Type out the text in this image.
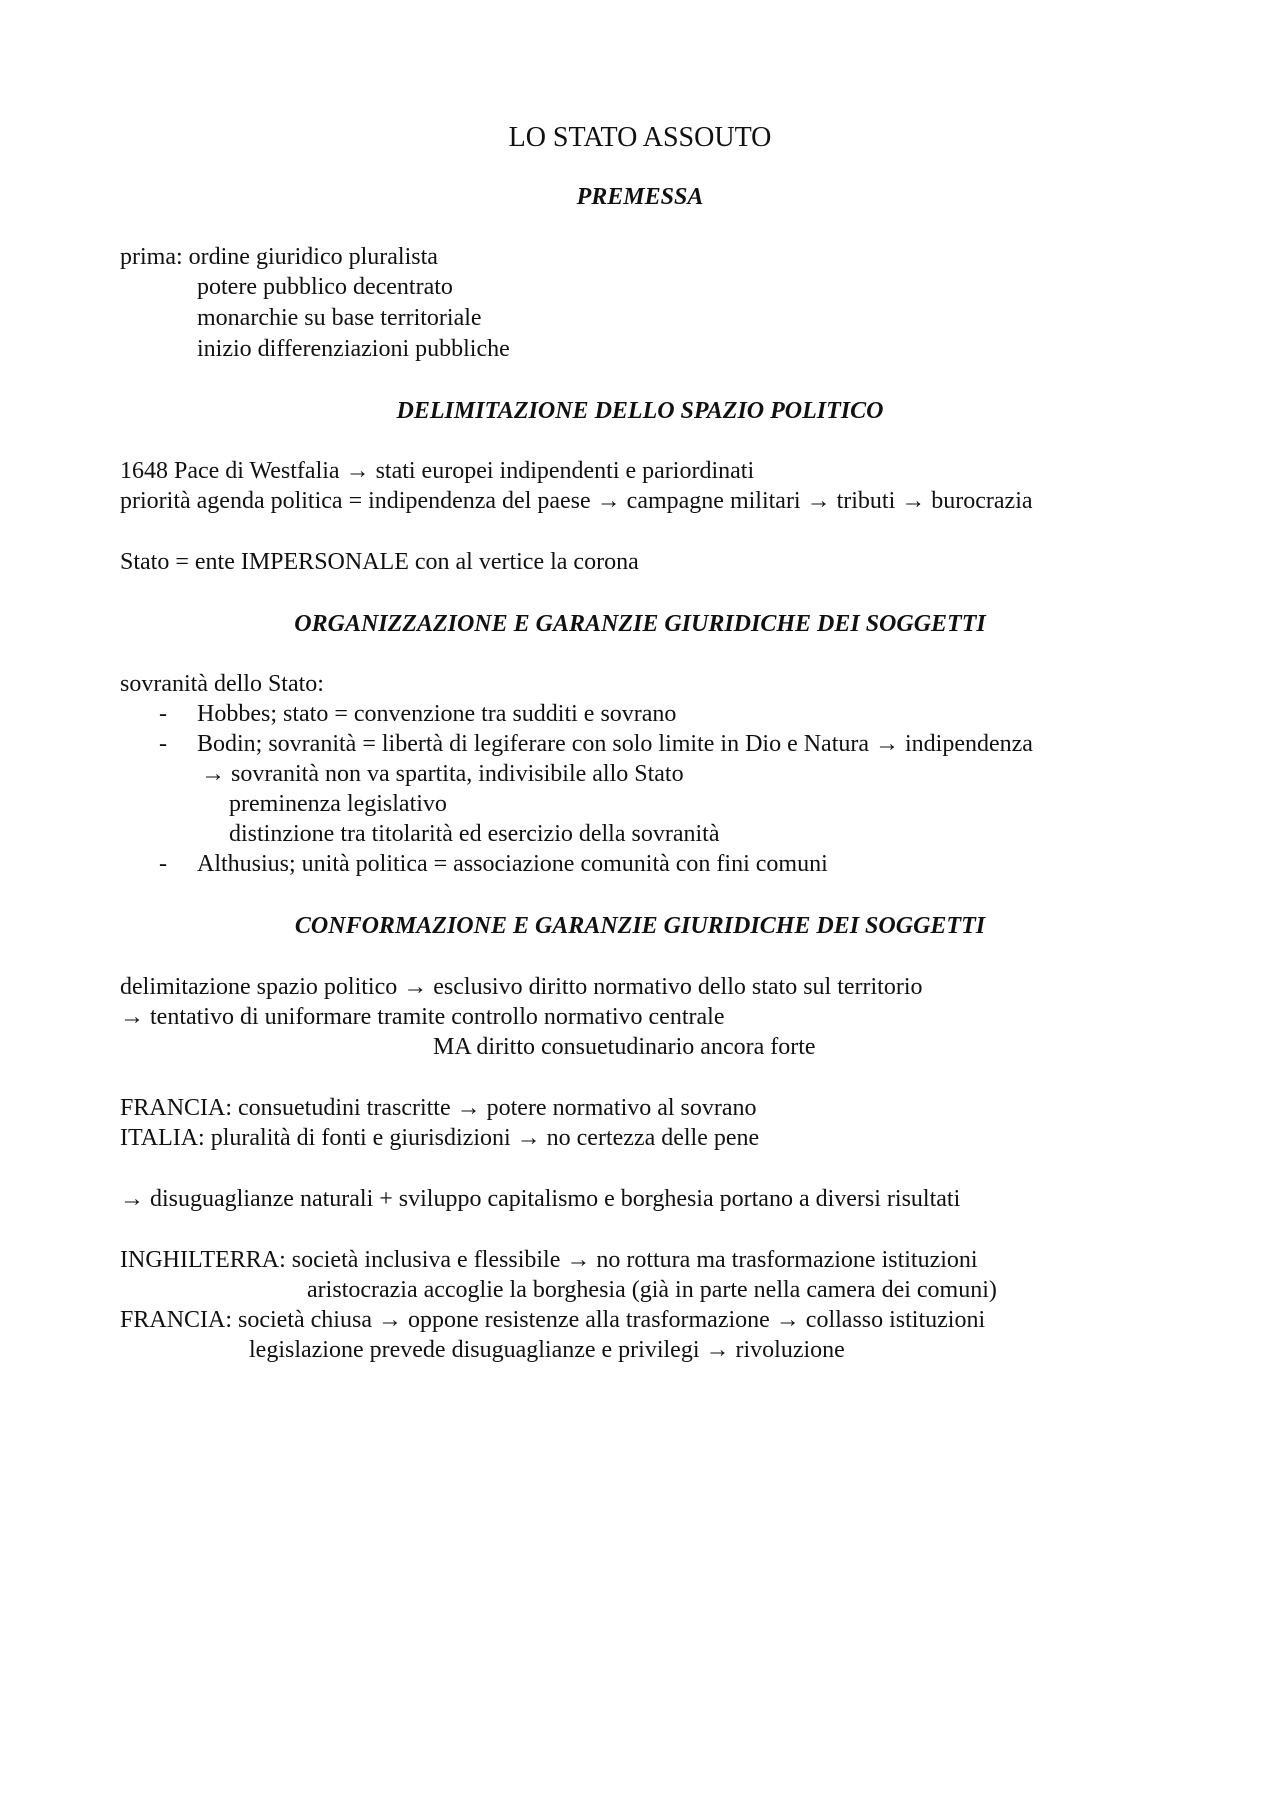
LO STATO ASSOUTO
PREMESSA
prima: ordine giuridico pluralista
potere pubblico decentrato
monarchie su base territoriale
inizio differenziazioni pubbliche
DELIMITAZIONE DELLO SPAZIO POLITICO
1648 Pace di Westfalia → stati europei indipendenti e pariordinati
priorità agenda politica = indipendenza del paese → campagne militari → tributi → burocrazia
Stato = ente IMPERSONALE con al vertice la corona
ORGANIZZAZIONE E GARANZIE GIURIDICHE DEI SOGGETTI
sovranità dello Stato:
- Hobbes; stato = convenzione tra sudditi e sovrano
- Bodin; sovranità = libertà di legiferare con solo limite in Dio e Natura → indipendenza
→ sovranità non va spartita, indivisibile allo Stato
preminenza legislativo
distinzione tra titolarità ed esercizio della sovranità
- Althusius; unità politica = associazione comunità con fini comuni
CONFORMAZIONE E GARANZIE GIURIDICHE DEI SOGGETTI
delimitazione spazio politico → esclusivo diritto normativo dello stato sul territorio
→ tentativo di uniformare tramite controllo normativo centrale
MA diritto consuetudinario ancora forte
FRANCIA: consuetudini trascritte → potere normativo al sovrano
ITALIA: pluralità di fonti e giurisdizioni → no certezza delle pene
→ disuguaglianze naturali + sviluppo capitalismo e borghesia portano a diversi risultati
INGHILTERRA: società inclusiva e flessibile → no rottura ma trasformazione istituzioni
aristocrazia accoglie la borghesia (già in parte nella camera dei comuni)
FRANCIA: società chiusa → oppone resistenze alla trasformazione → collasso istituzioni
legislazione prevede disuguaglianze e privilegi → rivoluzione
